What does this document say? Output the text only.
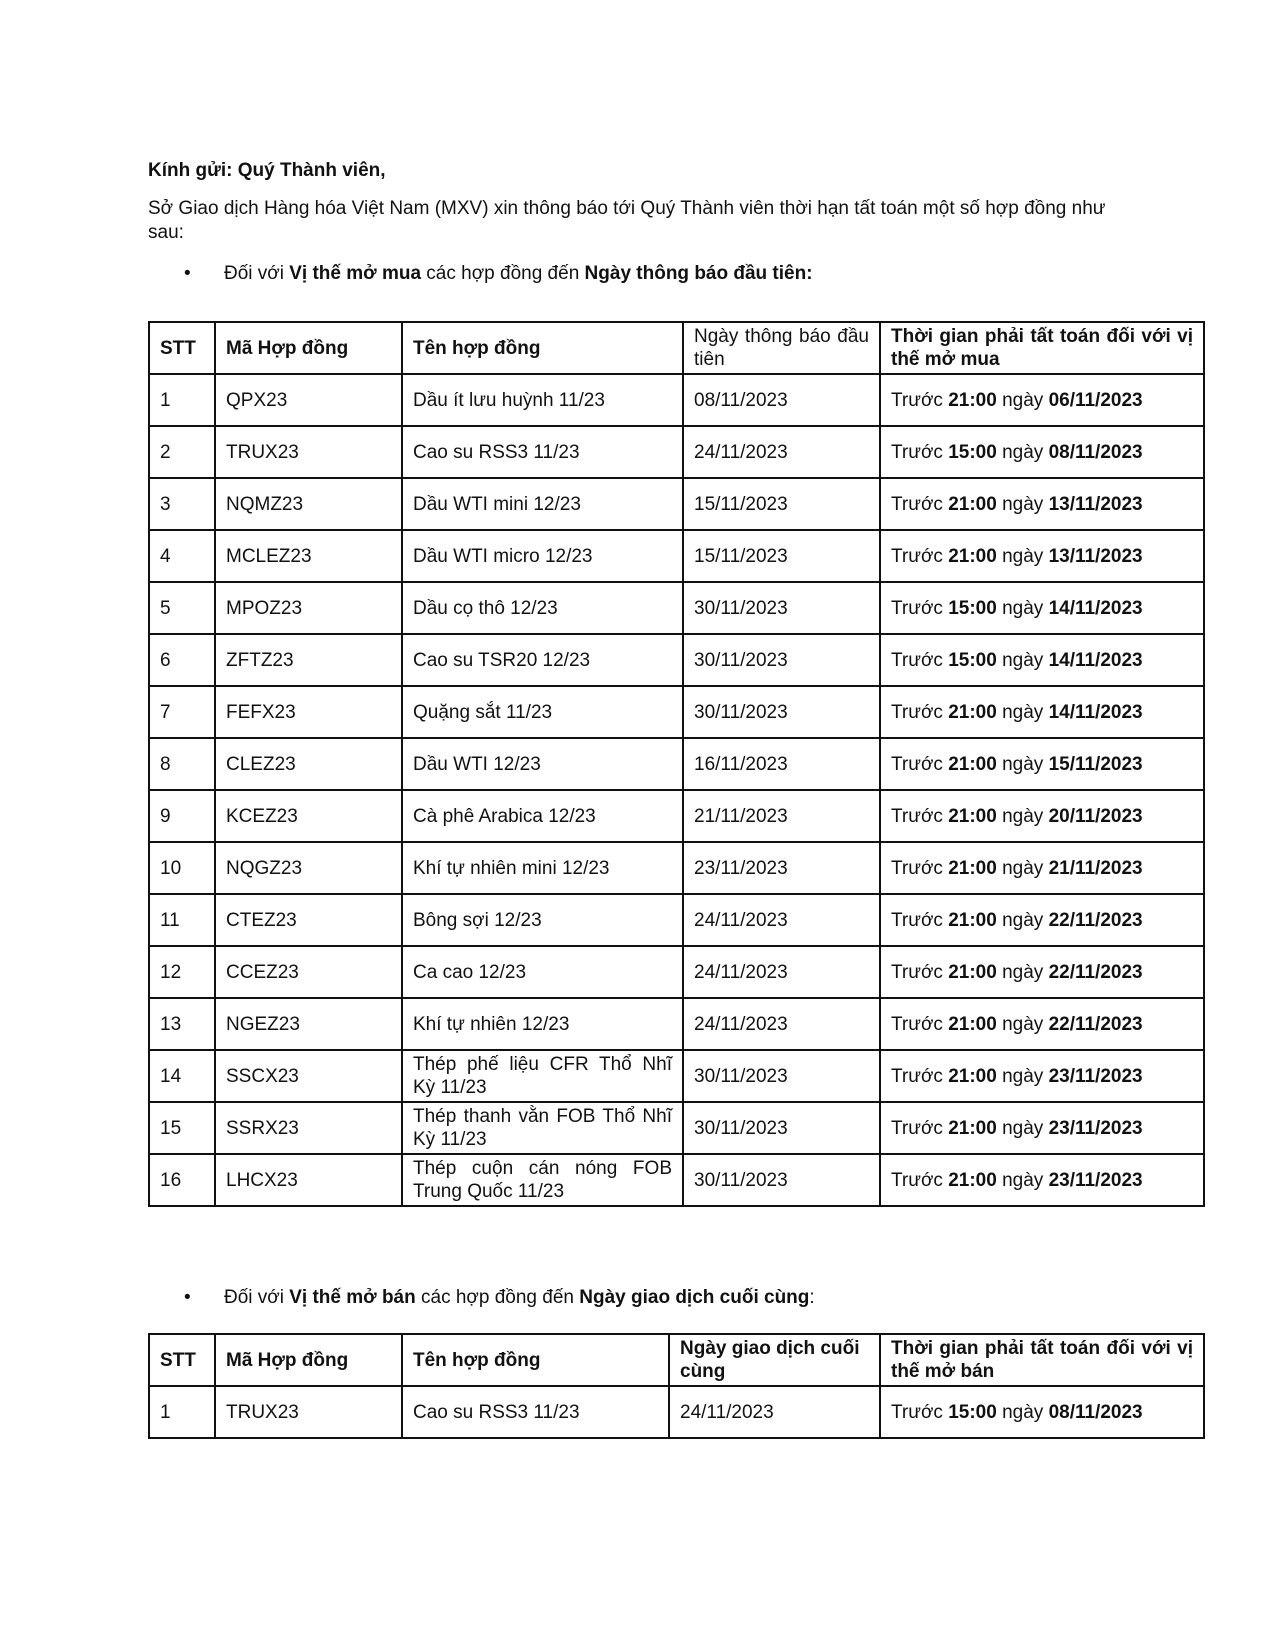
Kính gửi: Quý Thành viên,
Sở Giao dịch Hàng hóa Việt Nam (MXV) xin thông báo tới Quý Thành viên thời hạn tất toán một số hợp đồng như sau:
• Đối với Vị thế mở mua các hợp đồng đến Ngày thông báo đầu tiên:
STT	Mã Hợp đồng	Tên hợp đồng	Ngày thông báo đầu tiên	Thời gian phải tất toán đối với vị thế mở mua
1	QPX23	Dầu ít lưu huỳnh 11/23	08/11/2023	Trước 21:00 ngày 06/11/2023
2	TRUX23	Cao su RSS3 11/23	24/11/2023	Trước 15:00 ngày 08/11/2023
3	NQMZ23	Dầu WTI mini 12/23	15/11/2023	Trước 21:00 ngày 13/11/2023
4	MCLEZ23	Dầu WTI micro 12/23	15/11/2023	Trước 21:00 ngày 13/11/2023
5	MPOZ23	Dầu cọ thô 12/23	30/11/2023	Trước 15:00 ngày 14/11/2023
6	ZFTZ23	Cao su TSR20 12/23	30/11/2023	Trước 15:00 ngày 14/11/2023
7	FEFX23	Quặng sắt 11/23	30/11/2023	Trước 21:00 ngày 14/11/2023
8	CLEZ23	Dầu WTI 12/23	16/11/2023	Trước 21:00 ngày 15/11/2023
9	KCEZ23	Cà phê Arabica 12/23	21/11/2023	Trước 21:00 ngày 20/11/2023
10	NQGZ23	Khí tự nhiên mini 12/23	23/11/2023	Trước 21:00 ngày 21/11/2023
11	CTEZ23	Bông sợi 12/23	24/11/2023	Trước 21:00 ngày 22/11/2023
12	CCEZ23	Ca cao 12/23	24/11/2023	Trước 21:00 ngày 22/11/2023
13	NGEZ23	Khí tự nhiên 12/23	24/11/2023	Trước 21:00 ngày 22/11/2023
14	SSCX23	Thép phế liệu CFR Thổ Nhĩ Kỳ 11/23	30/11/2023	Trước 21:00 ngày 23/11/2023
15	SSRX23	Thép thanh vằn FOB Thổ Nhĩ Kỳ 11/23	30/11/2023	Trước 21:00 ngày 23/11/2023
16	LHCX23	Thép cuộn cán nóng FOB Trung Quốc 11/23	30/11/2023	Trước 21:00 ngày 23/11/2023
• Đối với Vị thế mở bán các hợp đồng đến Ngày giao dịch cuối cùng:
STT	Mã Hợp đồng	Tên hợp đồng	Ngày giao dịch cuối cùng	Thời gian phải tất toán đối với vị thế mở bán
1	TRUX23	Cao su RSS3 11/23	24/11/2023	Trước 15:00 ngày 08/11/2023
